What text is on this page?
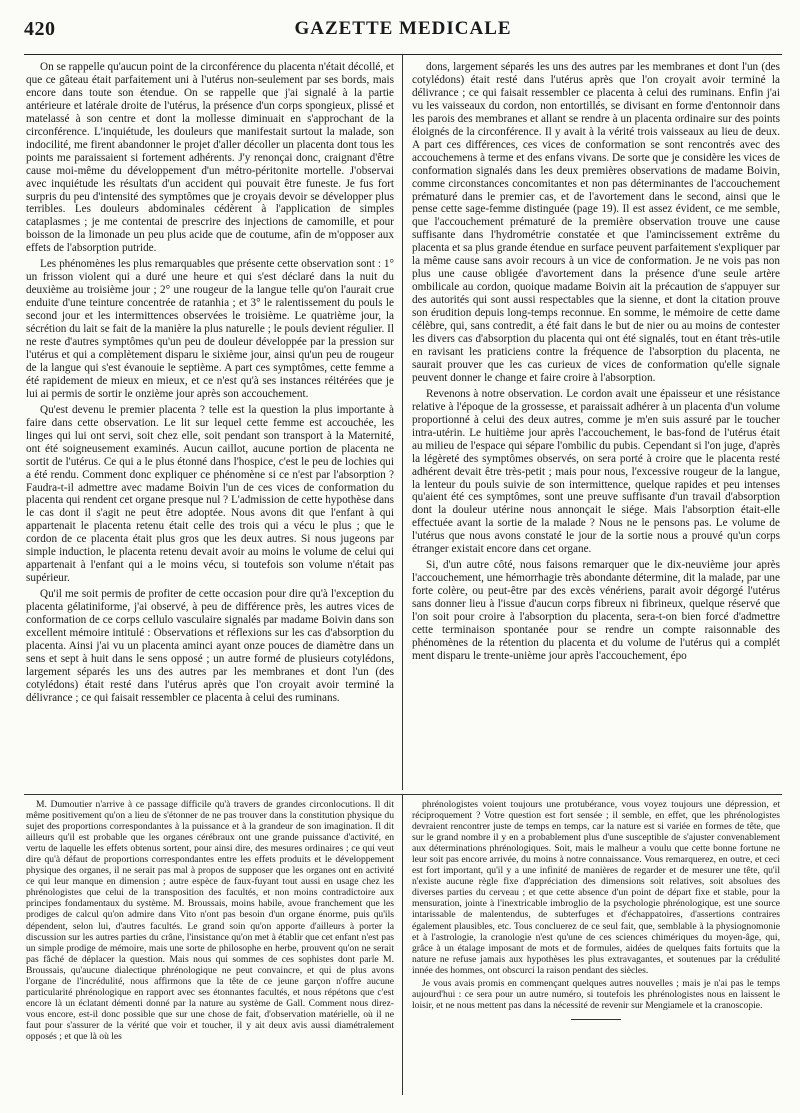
420	GAZETTE MEDICALE

On se rappelle qu'aucun point de la circonférence du placenta n'était décollé, et que ce gâteau était parfaitement uni à l'utérus non-seulement par ses bords, mais encore dans toute son étendue. On se rappelle que j'ai signalé à la partie antérieure et latérale droite de l'utérus, la présence d'un corps spongieux, plissé et matelassé à son centre et dont la mollesse diminuait en s'approchant de la circonférence. L'inquiétude, les douleurs que manifestait surtout la malade, son indocilité, me firent abandonner le projet d'aller décoller un placenta dont tous les points me paraissaient si fortement adhérents. J'y renonçai donc, craignant d'être cause moi-même du développement d'un métro-péritonite mortelle. J'observai avec inquiétude les résultats d'un accident qui pouvait être funeste. Je fus fort surpris du peu d'intensité des symptômes que je croyais devoir se développer plus terribles. Les douleurs abdominales cédèrent à l'application de simples cataplasmes ; je me contentai de prescrire des injections de camomille, et pour boisson de la limonade un peu plus acide que de coutume, afin de m'opposer aux effets de l'absorption putride.

Les phénomènes les plus remarquables que présente cette observation sont : 1° un frisson violent qui a duré une heure et qui s'est déclaré dans la nuit du deuxième au troisième jour ; 2° une rougeur de la langue telle qu'on l'aurait crue enduite d'une teinture concentrée de ratanhia ; et 3° le ralentissement du pouls le second jour et les intermittences observées le troisième. Le quatrième jour, la sécrétion du lait se fait de la manière la plus naturelle ; le pouls devient régulier. Il ne reste d'autres symptômes qu'un peu de douleur développée par la pression sur l'utérus et qui a complètement disparu le sixième jour, ainsi qu'un peu de rougeur de la langue qui s'est évanouie le septième. A part ces symptômes, cette femme a été rapidement de mieux en mieux, et ce n'est qu'à ses instances réitérées que je lui ai permis de sortir le onzième jour après son accouchement.

Qu'est devenu le premier placenta ? telle est la question la plus importante à faire dans cette observation. Le lit sur lequel cette femme est accouchée, les linges qui lui ont servi, soit chez elle, soit pendant son transport à la Maternité, ont été soigneusement examinés. Aucun caillot, aucune portion de placenta ne sortit de l'utérus. Ce qui a le plus étonné dans l'hospice, c'est le peu de lochies qui a été rendu. Comment donc expliquer ce phénomène si ce n'est par l'absorption ? Faudra-t-il admettre avec madame Boivin l'un de ces vices de conformation du placenta qui rendent cet organe presque nul ? L'admission de cette hypothèse dans le cas dont il s'agit ne peut être adoptée. Nous avons dit que l'enfant à qui appartenait le placenta retenu était celle des trois qui a vécu le plus ; que le cordon de ce placenta était plus gros que les deux autres. Si nous jugeons par simple induction, le placenta retenu devait avoir au moins le volume de celui qui appartenait à l'enfant qui a le moins vécu, si toutefois son volume n'était pas supérieur.

Qu'il me soit permis de profiter de cette occasion pour dire qu'à l'exception du placenta gélatiniforme, j'ai observé, à peu de différence près, les autres vices de conformation de ce corps cellulo vasculaire signalés par madame Boivin dans son excellent mémoire intitulé : Observations et réflexions sur les cas d'absorption du placenta. Ainsi j'ai vu un placenta aminci ayant onze pouces de diamètre dans un sens et sept à huit dans le sens opposé ; un autre formé de plusieurs cotylédons, largement séparés les uns des autres par les membranes et dont l'un (des cotylédons) était resté dans l'utérus après que l'on croyait avoir terminé la délivrance ; ce qui faisait ressembler ce placenta à celui des ruminans.

dons, largement séparés les uns des autres par les membranes et dont l'un (des cotylédons) était resté dans l'utérus après que l'on croyait avoir terminé la délivrance ; ce qui faisait ressembler ce placenta à celui des ruminans. Enfin j'ai vu les vaisseaux du cordon, non entortillés, se divisant en forme d'entonnoir dans les parois des membranes et allant se rendre à un placenta ordinaire sur des points éloignés de la circonférence. Il y avait à la vérité trois vaisseaux au lieu de deux. A part ces différences, ces vices de conformation se sont rencontrés avec des accouchemens à terme et des enfans vivans. De sorte que je considère les vices de conformation signalés dans les deux premières observations de madame Boivin, comme circonstances concomitantes et non pas déterminantes de l'accouchement prématuré dans le premier cas, et de l'avortement dans le second, ainsi que le pense cette sage-femme distinguée (page 19). Il est assez évident, ce me semble, que l'accouchement prématuré de la première observation trouve une cause suffisante dans l'hydrométrie constatée et que l'amincissement extrême du placenta et sa plus grande étendue en surface peuvent parfaitement s'expliquer par la même cause sans avoir recours à un vice de conformation. Je ne vois pas non plus une cause obligée d'avortement dans la présence d'une seule artère ombilicale au cordon, quoique madame Boivin ait la précaution de s'appuyer sur des autorités qui sont aussi respectables que la sienne, et dont la citation prouve son érudition depuis long-temps reconnue. En somme, le mémoire de cette dame célèbre, qui, sans contredit, a été fait dans le but de nier ou au moins de contester les divers cas d'absorption du placenta qui ont été signalés, tout en étant très-utile en ravisant les praticiens contre la fréquence de l'absorption du placenta, ne saurait prouver que les cas curieux de vices de conformation qu'elle signale peuvent donner le change et faire croire à l'absorption.

Revenons à notre observation. Le cordon avait une épaisseur et une résistance relative à l'époque de la grossesse, et paraissait adhérer à un placenta d'un volume proportionné à celui des deux autres, comme je m'en suis assuré par le toucher intra-utérin. Le huitième jour après l'accouchement, le bas-fond de l'utérus était au milieu de l'espace qui sépare l'ombilic du pubis. Cependant si l'on juge, d'après la légèreté des symptômes observés, on sera porté à croire que le placenta resté adhérent devait être très-petit ; mais pour nous, l'excessive rougeur de la langue, la lenteur du pouls suivie de son intermittence, quelque rapides et peu intenses qu'aient été ces symptômes, sont une preuve suffisante d'un travail d'absorption dont la douleur utérine nous annonçait le siége. Mais l'absorption était-elle effectuée avant la sortie de la malade ? Nous ne le pensons pas. Le volume de l'utérus que nous avons constaté le jour de la sortie nous a prouvé qu'un corps étranger existait encore dans cet organe.

Si, d'un autre côté, nous faisons remarquer que le dix-neuvième jour après l'accouchement, une hémorrhagie très abondante détermine, dit la malade, par une forte colère, ou peut-être par des excès vénériens, parait avoir dégorgé l'utérus sans donner lieu à l'issue d'aucun corps fibreux ni fibrineux, quelque réservé que l'on soit pour croire à l'absorption du placenta, sera-t-on bien forcé d'admettre cette terminaison spontanée pour se rendre un compte raisonnable des phénomènes de la rétention du placenta et du volume de l'utérus qui a complét ment disparu le trente-unième jour après l'accouchement, épo

M. Dumoutier n'arrive à ce passage difficile qu'à travers de grandes circonlocutions. Il dit même positivement qu'on a lieu de s'étonner de ne pas trouver dans la constitution physique du sujet des proportions correspondantes à la puissance et à la grandeur de son imagination. Il dit ailleurs qu'il est probable que les organes cérébraux ont une grande puissance d'activité, en vertu de laquelle les effets obtenus sortent, pour ainsi dire, des mesures ordinaires ; ce qui veut dire qu'à défaut de proportions correspondantes entre les effets produits et le développement physique des organes, il ne serait pas mal à propos de supposer que les organes ont en activité ce qui leur manque en dimension ; autre espèce de faux-fuyant tout aussi en usage chez les phrénologistes que celui de la transposition des facultés, et non moins contradictoire aux principes fondamentaux du système. M. Broussais, moins habile, avoue franchement que les prodiges de calcul qu'on admire dans Vito n'ont pas besoin d'un organe énorme, puis qu'ils dépendent, selon lui, d'autres facultés. Le grand soin qu'on apporte d'ailleurs à porter la discussion sur les autres parties du crâne, l'insistance qu'on met à établir que cet enfant n'est pas un simple prodige de mémoire, mais une sorte de philosophe en herbe, prouvent qu'on ne serait pas fâché de déplacer la question. Mais nous qui sommes de ces sophistes dont parle M. Broussais, qu'aucune dialectique phrénologique ne peut convaincre, et qui de plus avons l'organe de l'incrédulité, nous affirmons que la tête de ce jeune garçon n'offre aucune particularité phrénologique en rapport avec ses étonnantes facultés, et nous répétons que c'est encore là un éclatant démenti donné par la nature au système de Gall. Comment nous direz-vous encore, est-il donc possible que sur une chose de fait, d'observation matérielle, où il ne faut pour s'assurer de la vérité que voir et toucher, il y ait deux avis aussi diamétralement opposés ; et que là où les

phrénologistes voient toujours une protubérance, vous voyez toujours une dépression, et réciproquement ? Votre question est fort sensée ; il semble, en effet, que les phrénologistes devraient rencontrer juste de temps en temps, car la nature est si variée en formes de tête, que sur le grand nombre il y en a probablement plus d'une susceptible de s'ajuster convenablement aux déterminations phrénologiques. Soit, mais le malheur a voulu que cette bonne fortune ne leur soit pas encore arrivée, du moins à notre connaissance. Vous remarquerez, en outre, et ceci est fort important, qu'il y a une infinité de manières de regarder et de mesurer une tête, qu'il n'existe aucune règle fixe d'appréciation des dimensions soit relatives, soit absolues des diverses parties du cerveau ; et que cette absence d'un point de départ fixe et stable, pour la mensuration, jointe à l'inextricable imbroglio de la psychologie phrénologique, est une source intarissable de malentendus, de subterfuges et d'échappatoires, d'assertions contraires également plausibles, etc. Tous concluerez de ce seul fait, que, semblable à la physiognomonie et à l'astrologie, la cranologie n'est qu'une de ces sciences chimériques du moyen-âge, qui, grâce à un étalage imposant de mots et de formules, aidées de quelques faits fortuits que la nature ne refuse jamais aux hypothèses les plus extravagantes, et soutenues par la crédulité innée des hommes, ont obscurci la raison pendant des siècles.

Je vous avais promis en commençant quelques autres nouvelles ; mais je n'ai pas le temps aujourd'hui : ce sera pour un autre numéro, si toutefois les phrénologistes nous en laissent le loisir, et ne nous mettent pas dans la nécessité de revenir sur Mengiamele et la cranoscopie.
